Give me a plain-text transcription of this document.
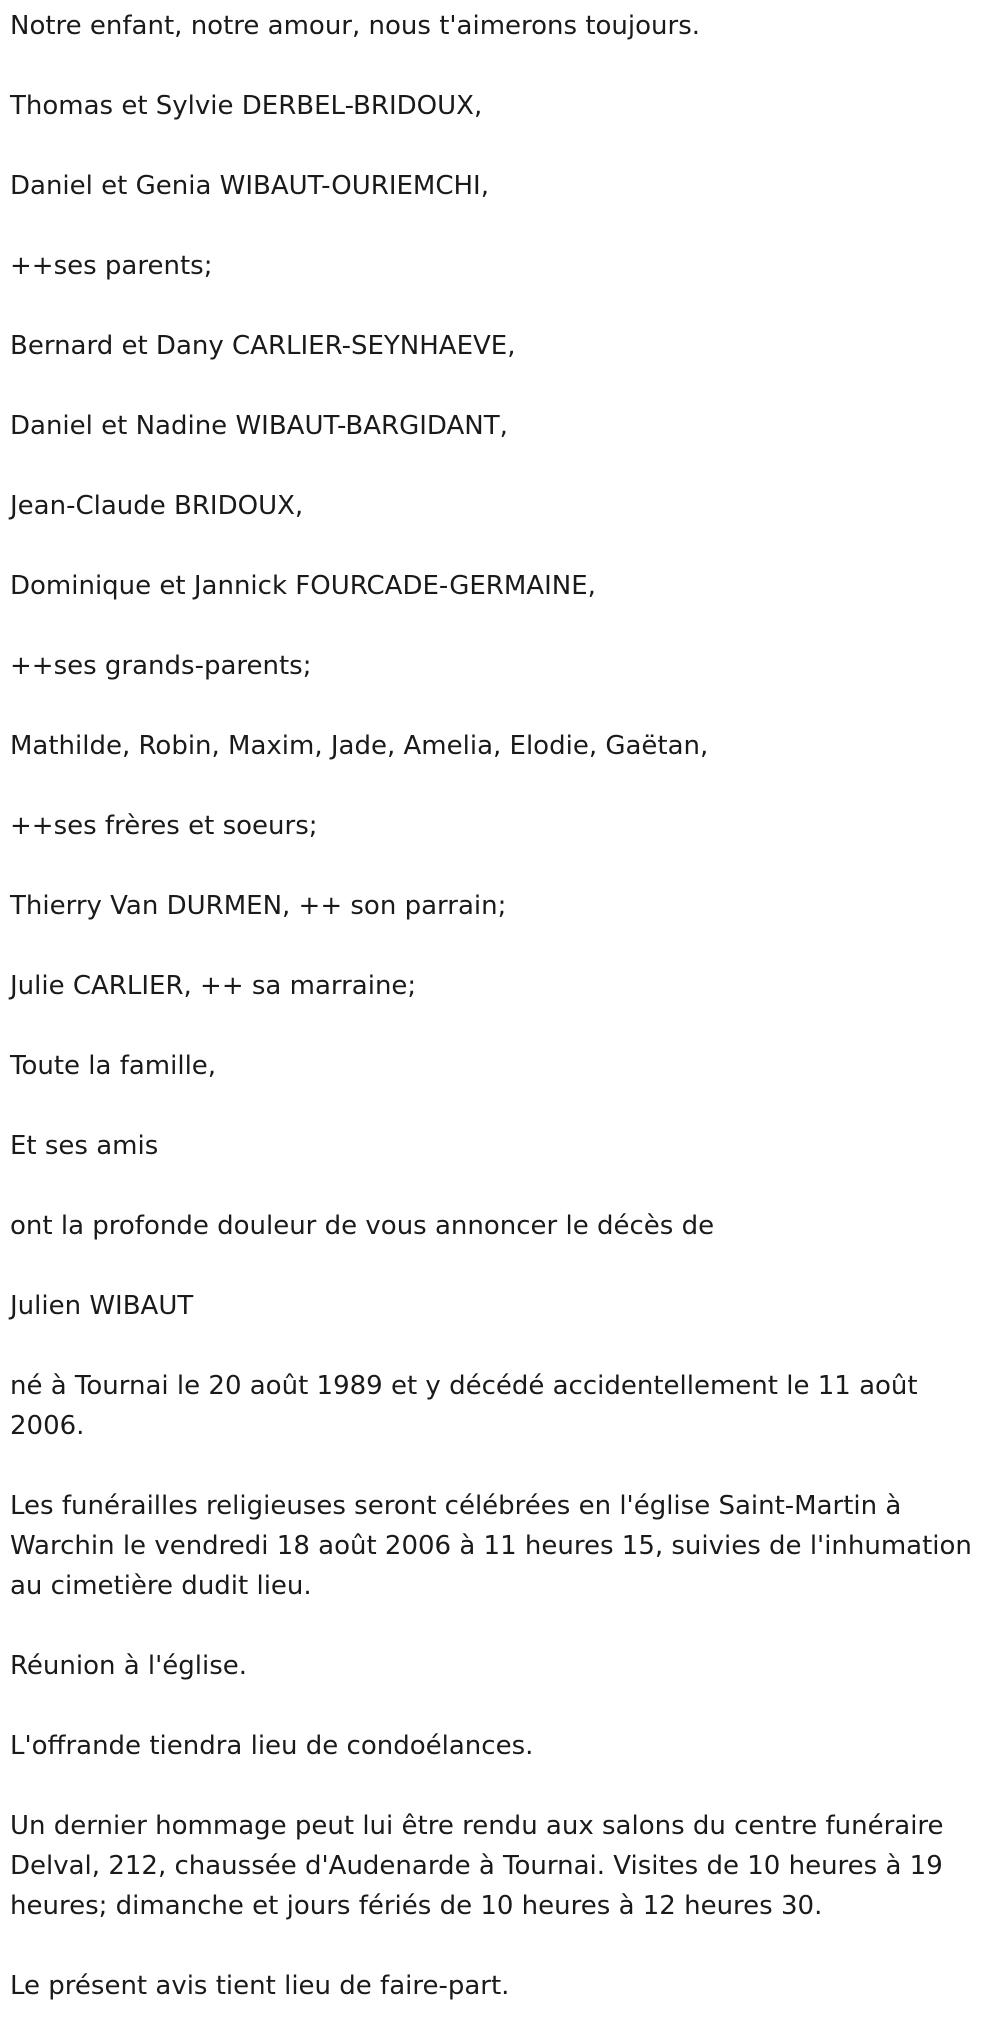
Notre enfant, notre amour, nous t'aimerons toujours.

Thomas et Sylvie DERBEL-BRIDOUX,

Daniel et Genia WIBAUT-OURIEMCHI,

++ses parents;

Bernard et Dany CARLIER-SEYNHAEVE,

Daniel et Nadine WIBAUT-BARGIDANT,

Jean-Claude BRIDOUX,

Dominique et Jannick FOURCADE-GERMAINE,

++ses grands-parents;

Mathilde, Robin, Maxim, Jade, Amelia, Elodie, Gaëtan,

++ses frères et soeurs;

Thierry Van DURMEN, ++ son parrain;

Julie CARLIER, ++ sa marraine;

Toute la famille,

Et ses amis

ont la profonde douleur de vous annoncer le décès de

Julien WIBAUT

né à Tournai le 20 août 1989 et y décédé accidentellement le 11 août 2006.

Les funérailles religieuses seront célébrées en l'église Saint-Martin à Warchin le vendredi 18 août 2006 à 11 heures 15, suivies de l'inhumation au cimetière dudit lieu.

Réunion à l'église.

L'offrande tiendra lieu de condoélances.

Un dernier hommage peut lui être rendu aux salons du centre funéraire Delval, 212, chaussée d'Audenarde à Tournai. Visites de 10 heures à 19 heures; dimanche et jours fériés de 10 heures à 12 heures 30.

Le présent avis tient lieu de faire-part.
